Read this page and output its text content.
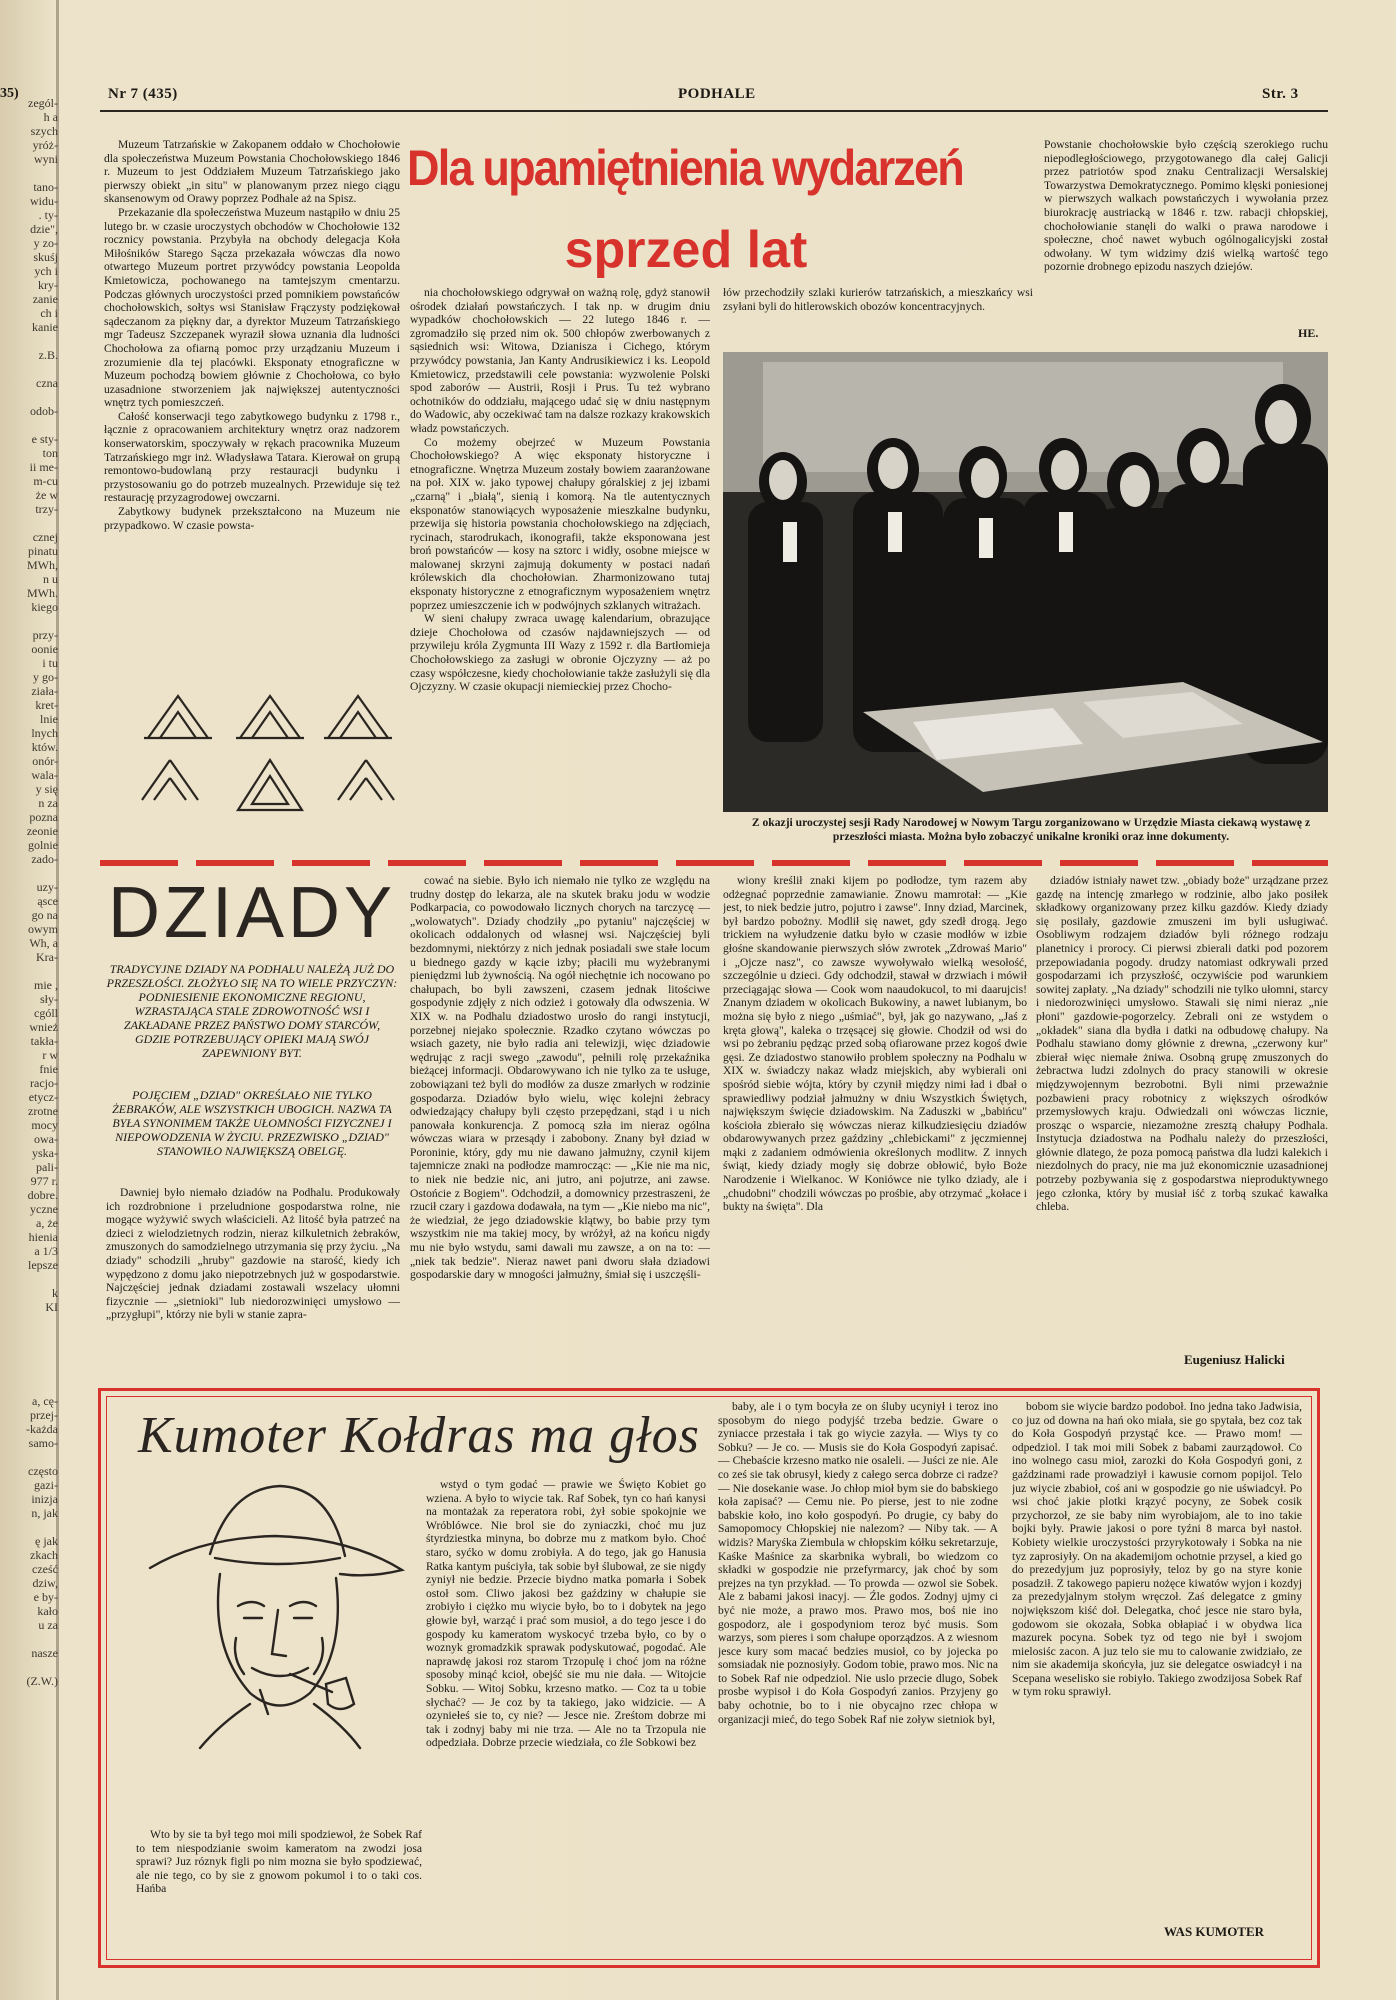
zegól-
h a
szych
yróż-
wyni
tano-
widu-
. ty-
dzie",
y zo-
skuśj
ych i
kry-
zanie
ch i
kanie
z.B.
czna
odob-
e sty-
ton
ii me-
m-cu
że w
trzy-
cznej
pinatu
MWh,
n u
MWh.
kiego
przy-
oonie
i tu
y go-
ziała-
kret-
lnie
lnych
któw.
onór-
wala-
y się
n za
pozna
zeonie
golnie
zado-
uzy-
ąsce
go na
owym
Wh, a
Kra-
mie ,
sły-
cgóll
wnież
takła-
r w
fnie
racjo-
etycz-
zrotne
mocy
owa-
yska-
pali-
977 r.
dobre.
yczne
a, że
hienia
a 1/3
lepsze
k
KI
a, cę-
przej-
-każda
samo-
często
gazi-
inizja
n, jak
ę jak
zkach
cześć
dziw,
e by-
kało
u za
nasze
(Z.W.)
Nr 7 (435)	PODHALE	Str. 3

Muzeum Tatrzańskie w Zakopanem oddało w Chochołowie dla społeczeństwa Muzeum Powstania Chochołowskiego 1846 r. Muzeum to jest Oddziałem Muzeum Tatrzańskiego jako pierwszy obiekt „in situ" w planowanym przez niego ciągu skansenowym od Orawy poprzez Podhale aż na Spisz.

Przekazanie dla społeczeństwa Muzeum nastąpiło w dniu 25 lutego br. w czasie uroczystych obchodów w Chochołowie 132 rocznicy powstania. Przybyła na obchody delegacja Koła Miłośników Starego Sącza przekazała wówczas dla nowo otwartego Muzeum portret przywódcy powstania Leopolda Kmietowicza, pochowanego na tamtejszym cmentarzu. Podczas głównych uroczystości przed pomnikiem powstańców chochołowskich, sołtys wsi Stanisław Frączysty podziękował sądeczanom za piękny dar, a dyrektor Muzeum Tatrzańskiego mgr Tadeusz Szczepanek wyraził słowa uznania dla ludności Chochołowa za ofiarną pomoc przy urządzaniu Muzeum i zrozumienie dla tej placówki. Eksponaty etnograficzne w Muzeum pochodzą bowiem głównie z Chochołowa, co było uzasadnione stworzeniem jak największej autentyczności wnętrz tych pomieszczeń.

Całość konserwacji tego zabytkowego budynku z 1798 r., łącznie z opracowaniem architektury wnętrz oraz nadzorem konserwatorskim, spoczywały w rękach pracownika Muzeum Tatrzańskiego mgr inż. Władysława Tatara. Kierował on grupą remontowo-budowlaną przy restauracji budynku i przystosowaniu go do potrzeb muzealnych. Przewiduje się też restaurację przyzagrodowej owczarni.

Zabytkowy budynek przekształcono na Muzeum nie przypadkowo. W czasie powsta-

Dla upamiętnienia wydarzeń
sprzed lat

nia chochołowskiego odgrywał on ważną rolę, gdyż stanowił ośrodek działań powstańczych. I tak np. w drugim dniu wypadków chochołowskich — 22 lutego 1846 r. — zgromadziło się przed nim ok. 500 chłopów zwerbowanych z sąsiednich wsi: Witowa, Dzianisza i Cichego, którym przywódcy powstania, Jan Kanty Andrusikiewicz i ks. Leopold Kmietowicz, przedstawili cele powstania: wyzwolenie Polski spod zaborów — Austrii, Rosji i Prus. Tu też wybrano ochotników do oddziału, mającego udać się w dniu następnym do Wadowic, aby oczekiwać tam na dalsze rozkazy krakowskich władz powstańczych.

Co możemy obejrzeć w Muzeum Powstania Chochołowskiego? A więc eksponaty historyczne i etnograficzne. Wnętrza Muzeum zostały bowiem zaaranżowane na poł. XIX w. jako typowej chałupy góralskiej z jej izbami „czarną" i „białą", sienią i komorą. Na tle autentycznych eksponatów stanowiących wyposażenie mieszkalne budynku, przewija się historia powstania chochołowskiego na zdjęciach, rycinach, starodrukach, ikonografii, także eksponowana jest broń powstańców — kosy na sztorc i widły, osobne miejsce w malowanej skrzyni zajmują dokumenty w postaci nadań królewskich dla chochołowian. Zharmonizowano tutaj eksponaty historyczne z etnograficznym wyposażeniem wnętrz poprzez umieszczenie ich w podwójnych szklanych witrażach.

W sieni chałupy zwraca uwagę kalendarium, obrazujące dzieje Chochołowa od czasów najdawniejszych — od przywileju króla Zygmunta III Wazy z 1592 r. dla Bartłomieja Chochołowskiego za zasługi w obronie Ojczyzny — aż po czasy współczesne, kiedy chochołowianie także zasłużyli się dla Ojczyzny. W czasie okupacji niemieckiej przez Chocho-

łów przechodziły szlaki kurierów tatrzańskich, a mieszkańcy wsi zsyłani byli do hitlerowskich obozów koncentracyjnych.
Powstanie chochołowskie było częścią szerokiego ruchu niepodległościowego, przygotowanego dla całej Galicji przez patriotów spod znaku Centralizacji Wersalskiej Towarzystwa Demokratycznego. Pomimo klęski poniesionej w pierwszych walkach powstańczych i wywołania przez biurokrację austriacką w 1846 r. tzw. rabacji chłopskiej, chochołowianie stanęli do walki o prawa narodowe i społeczne, choć nawet wybuch ogólnogalicyjski został odwołany. W tym widzimy dziś wielką wartość tego pozornie drobnego epizodu naszych dziejów.
HE.
Z okazji uroczystej sesji Rady Narodowej w Nowym Targu zorganizowano w Urzędzie Miasta ciekawą wystawę z przeszłości miasta. Można było zobaczyć unikalne kroniki oraz inne dokumenty.
DZIADY
TRADYCYJNE DZIADY NA PODHALU NALEŻĄ JUŻ DO PRZESZŁOŚCI. ZŁOŻYŁO SIĘ NA TO WIELE PRZYCZYN: PODNIESIENIE EKONOMICZNE REGIONU, WZRASTAJĄCA STALE ZDROWOTNOŚĆ WSI I ZAKŁADANE PRZEZ PAŃSTWO DOMY STARCÓW, GDZIE POTRZEBUJĄCY OPIEKI MAJĄ SWÓJ ZAPEWNIONY BYT.
POJĘCIEM „DZIAD" OKREŚLAŁO NIE TYLKO ŻEBRAKÓW, ALE WSZYSTKICH UBOGICH. NAZWA TA BYŁA SYNONIMEM TAKŻE UŁOMNOŚCI FIZYCZNEJ I NIEPOWODZENIA W ŻYCIU. PRZEZWISKO „DZIAD" STANOWIŁO NAJWIĘKSZĄ OBELGĘ.
Dawniej było niemało dziadów na Podhalu. Produkowały ich rozdrobnione i przeludnione gospodarstwa rolne, nie mogące wyżywić swych właścicieli. Aż litość była patrzeć na dzieci z wielodzietnych rodzin, nieraz kilkuletnich żebraków, zmuszonych do samodzielnego utrzymania się przy życiu. „Na dziady" schodzili „hruby" gazdowie na starość, kiedy ich wypędzono z domu jako niepotrzebnych już w gospodarstwie. Najczęściej jednak dziadami zostawali wszelacy ułomni fizycznie — „sietnioki" lub niedorozwinięci umysłowo — „przygłupi", którzy nie byli w stanie zapra-
cować na siebie. Było ich niemało nie tylko ze względu na trudny dostęp do lekarza, ale na skutek braku jodu w wodzie Podkarpacia, co powodowało licznych chorych na tarczycę — „wolowatych". Dziady chodziły „po pytaniu" najczęściej w okolicach oddalonych od własnej wsi. Najczęściej byli bezdomnymi, niektórzy z nich jednak posiadali swe stałe locum u biednego gazdy w kącie izby; płacili mu wyżebranymi pieniędzmi lub żywnością. Na ogół niechętnie ich nocowano po chałupach, bo byli zawszeni, czasem jednak litościwe gospodynie zdjęły z nich odzież i gotowały dla odwszenia. W XIX w. na Podhalu dziadostwo urosło do rangi instytucji, porzebnej niejako społecznie. Rzadko czytano wówczas po wsiach gazety, nie było radia ani telewizji, więc dziadowie wędrując z racji swego „zawodu", pełnili rolę przekaźnika bieżącej informacji. Obdarowywano ich nie tylko za te usługe, zobowiązani też byli do modłów za dusze zmarłych w rodzinie gospodarza. Dziadów było wielu, więc kolejni żebracy odwiedzający chałupy byli często przepędzani, stąd i u nich panowała konkurencja. Z pomocą szła im nieraz ogólna wówczas wiara w przesądy i zabobony. Znany był dziad w Poroninie, który, gdy mu nie dawano jałmużny, czynił kijem tajemnicze znaki na podłodze mamrocząc: — „Kie nie ma nic, to niek nie bedzie nic, ani jutro, ani pojutrze, ani zawse. Ostońcie z Bogiem". Odchodził, a domownicy przestraszeni, że rzucił czary i gazdowa dodawała, na tym — „Kie niebo ma nic", że wiedział, że jego dziadowskie klątwy, bo babie przy tym wszystkim nie ma takiej mocy, by wróżył, aż na końcu nigdy mu nie było wstydu, sami dawali mu zawsze, a on na to: — „niek tak bedzie". Nieraz nawet pani dworu słała dziadowi gospodarskie dary w mnogości jałmużny, śmiał się i uszczęśli-
wiony kreślił znaki kijem po podłodze, tym razem aby odżegnać poprzednie zamawianie. Znowu mamrotał: — „Kie jest, to niek bedzie jutro, pojutro i zawse". Inny dziad, Marcinek, był bardzo pobożny. Modlił się nawet, gdy szedł drogą. Jego trickiem na wyłudzenie datku było w czasie modłów w izbie głośne skandowanie pierwszych słów zwrotek „Zdrowaś Mario" i „Ojcze nasz", co zawsze wywoływało wielką wesołość, szczególnie u dzieci. Gdy odchodził, stawał w drzwiach i mówił przeciągając słowa — Cook wom naaudokucol, to mi daarujcis! Znanym dziadem w okolicach Bukowiny, a nawet lubianym, bo można się było z niego „uśmiać", był, jak go nazywano, „Jaś z kręta głową", kaleka o trzęsącej się głowie. Chodził od wsi do wsi po żebraniu pędząc przed sobą ofiarowane przez kogoś dwie gęsi. Ze dziadostwo stanowiło problem społeczny na Podhalu w XIX w. świadczy nakaz władz miejskich, aby wybierali oni spośród siebie wójta, który by czynił między nimi ład i dbał o sprawiedliwy podział jałmużny w dniu Wszystkich Świętych, największym święcie dziadowskim. Na Zaduszki w „babińcu" kościoła zbierało się wówczas nieraz kilkudziesięciu dziadów obdarowywanych przez gaździny „chlebickami" z jęczmiennej mąki z zadaniem odmówienia określonych modlitw. Z innych świąt, kiedy dziady mogły się dobrze obłowić, było Boże Narodzenie i Wielkanoc. W Koniówce nie tylko dziady, ale i „chudobni" chodzili wówczas po prośbie, aby otrzymać „kołace i bukty na święta". Dla
dziadów istniały nawet tzw. „obiady boże" urządzane przez gazdę na intencję zmarłego w rodzinie, albo jako posiłek składkowy organizowany przez kilku gazdów. Kiedy dziady się posilały, gazdowie zmuszeni im byli usługiwać. Osobliwym rodzajem dziadów byli różnego rodzaju planetnicy i prorocy. Ci pierwsi zbierali datki pod pozorem przepowiadania pogody. drudzy natomiast odkrywali przed gospodarzami ich przyszłość, oczywiście pod warunkiem sowitej zapłaty. „Na dziady" schodzili nie tylko ułomni, starcy i niedorozwinięci umysłowo. Stawali się nimi nieraz „nie płoni" gazdowie-pogorzelcy. Zebrali oni ze wstydem o „okładek" siana dla bydła i datki na odbudowę chałupy. Na Podhalu stawiano domy głównie z drewna, „czerwony kur" zbierał więc niemałe żniwa. Osobną grupę zmuszonych do żebractwa ludzi zdolnych do pracy stanowili w okresie międzywojennym bezrobotni. Byli nimi przeważnie pozbawieni pracy robotnicy z większych ośrodków przemysłowych kraju. Odwiedzali oni wówczas licznie, prosząc o wsparcie, niezamożne zresztą chałupy Podhala. Instytucja dziadostwa na Podhalu należy do przeszłości, głównie dlatego, że poza pomocą państwa dla ludzi kalekich i niezdolnych do pracy, nie ma już ekonomicznie uzasadnionej potrzeby pozbywania się z gospodarstwa nieproduktywnego jego członka, który by musiał iść z torbą szukać kawałka chleba.
Eugeniusz Halicki
Kumoter Kołdras ma głos
Wto by sie ta był tego moi mili spodziewoł, że Sobek Raf to tem niespodzianie swoim kameratom na zwodzi josa sprawi? Juz róznyk figli po nim mozna sie było spodziewać, ale nie tego, co by sie z gnowom pokumol i to o taki cos. Hańba
wstyd o tym godać — prawie we Święto Kobiet go wziena. A było to wiycie tak. Raf Sobek, tyn co hań kanysi na montażak za reperatora robi, żył sobie spokojnie we Wróblówce. Nie brol sie do zyniaczki, choć mu juz śtyrdziestka minyna, bo dobrze mu z matkom było. Choć staro, syćko w domu zrobiyła. A do tego, jak go Hanusia Ratka kantym puściyła, tak sobie był ślubował, ze sie nigdy zyniył nie bedzie. Przecie biydno matka pomarła i Sobek ostoł som. Cliwo jakosi bez gaździny w chałupie sie zrobiyło i ciężko mu wiycie było, bo to i dobytek na jego głowie był, warząć i prać som musioł, a do tego jesce i do gospody ku kameratom wyskocyć trzeba było, co by o woznyk gromadzkik sprawak podyskutować, pogodać. Ale naprawdę jakosi roz starom Trzopulę i choć jom na różne sposoby minąć kcioł, obejść sie mu nie dała. — Witojcie Sobku. — Witoj Sobku, krzesno matko. — Coz ta u tobie słychać? — Je coz by ta takiego, jako widzicie. — A ozyniełeś sie to, cy nie? — Jesce nie. Zreśtom dobrze mi tak i zodnyj baby mi nie trza. — Ale no ta Trzopula nie odpedziała. Dobrze przecie wiedziała, co źle Sobkowi bez
baby, ale i o tym bocyła ze on śluby ucyniył i teroz ino sposobym do niego podyjść trzeba bedzie. Gware o zyniacce przestała i tak go wiycie zazyła. — Wiys ty co Sobku? — Je co. — Musis sie do Koła Gospodyń zapisać. — Chebaście krzesno matko nie osaleli. — Juści ze nie. Ale co ześ sie tak obrusył, kiedy z całego serca dobrze ci radze? — Nie dosekanie wase. Jo chłop mioł bym sie do babskiego koła zapisać? — Cemu nie. Po pierse, jest to nie zodne babskie koło, ino koło gospodyń. Po drugie, cy baby do Samopomocy Chłopskiej nie nalezom? — Niby tak. — A widzis? Maryśka Ziembula w chłopskim kółku sekretarzuje, Kaśke Maśnice za skarbnika wybrali, bo wiedzom co składki w gospodzie nie przefyrmarcy, jak choć by som prejzes na tyn przykład. — To prowda — ozwol sie Sobek. Ale z babami jakosi inacyj. — Źle godos. Zodnyj ujmy ci być nie może, a prawo mos. Prawo mos, boś nie ino gospodorz, ale i gospodyniom teroz być musis. Som warzys, som pieres i som chałupe oporządzos. A z wiesnom jesce kury som macać bedzies musioł, co by jojecka po somsiadak nie poznosiyły. Godom tobie, prawo mos. Nic na to Sobek Raf nie odpedziol. Nie uslo przecie dlugo, Sobek prosbe wypisoł i do Koła Gospodyń zanios. Przyjeny go baby ochotnie, bo to i nie obycajno rzec chłopa w organizacji mieć, do tego Sobek Raf nie zoływ sietniok był,
bobom sie wiycie bardzo podoboł. Ino jedna tako Jadwisia, co juz od downa na hań oko miała, sie go spytała, bez coz tak do Koła Gospodyń przystąć kce. — Prawo mom! — odpedziol. I tak moi mili Sobek z babami zaurządowoł. Co ino wolnego casu mioł, zarozki do Koła Gospodyń goni, z gaździnami rade prowadziył i kawusie cornom popijol. Telo juz wiycie zbabioł, coś ani w gospodzie go nie uświadcył. Po wsi choć jakie plotki krązyć pocyny, ze Sobek cosik przychorzoł, ze sie baby nim wyrobiajom, ale to ino takie bojki były. Prawie jakosi o pore tyźni 8 marca był nastoł. Kobiety wielkie uroczystości przyrykotowały i Sobka na nie tyz zaprosiyły. On na akademijom ochotnie przysel, a kied go do prezedyjum juz poprosiyły, teloz by go na styre konie posadził. Z takowego papieru nożęce kiwatów wyjon i kozdyj za prezedyjalnym stołym wręczoł. Zaś delegatce z gminy nojwiększom kiść doł. Delegatka, choć jesce nie staro była, godowom sie okozała, Sobka obłapiać i w obydwa lica mazurek pocyna. Sobek tyz od tego nie był i swojom mielosiśc zacon. A juz telo sie mu to calowanie zwidziało, ze nim sie akademija skońcyła, juz sie delegatce oswiadcył i na Scepana weselisko sie robiyło. Takiego zwodzijosa Sobek Raf w tym roku sprawiył.
WAS KUMOTER
35)
